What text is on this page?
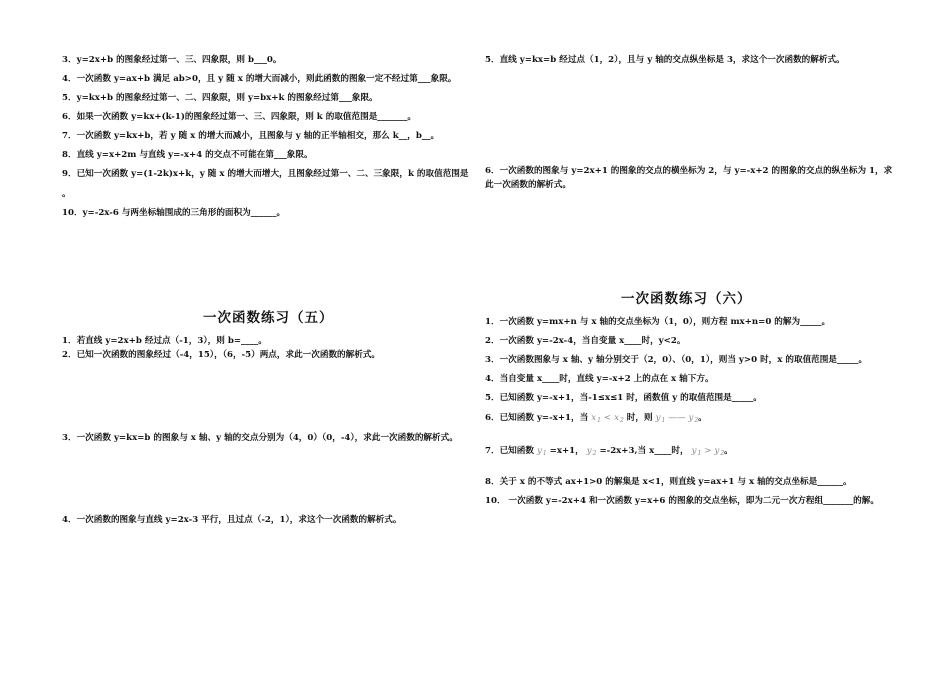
3．y=2x+b 的图象经过第一、三、四象限，则 b___0。
4．一次函数 y=ax+b 满足 ab>0，且 y 随 x 的增大而减小，则此函数的图象一定不经过第___象限。
5．y=kx+b 的图象经过第一、二、四象限，则 y=bx+k 的图象经过第___象限。
6．如果一次函数 y=kx+(k-1)的图象经过第一、三、四象限，则 k 的取值范围是_______。
7．一次函数 y=kx+b，若 y 随 x 的增大而减小，且图象与 y 轴的正半轴相交，那么 k__，b__。
8．直线 y=x+2m 与直线 y=-x+4 的交点不可能在第___象限。
9．已知一次函数 y=(1-2k)x+k，y 随 x 的增大而增大，且图象经过第一、二、三象限，k 的取值范围是
。
10．y=-2x-6 与两坐标轴围成的三角形的面积为______。
一次函数练习（五）
1．若直线 y=2x+b 经过点（-1，3），则 b=____。
2．已知一次函数的图象经过（-4，15），（6，-5）两点，求此一次函数的解析式。
3．一次函数 y=kx=b 的图象与 x 轴、y 轴的交点分别为（4，0）（0，-4），求此一次函数的解析式。
4．一次函数的图象与直线 y=2x-3 平行，且过点（-2，1），求这个一次函数的解析式。
5．直线 y=kx=b 经过点（1，2），且与 y 轴的交点纵坐标是 3，求这个一次函数的解析式。
6．一次函数的图象与 y=2x+1 的图象的交点的横坐标为 2，与 y=-x+2 的图象的交点的纵坐标为 1，求
此一次函数的解析式。
一次函数练习（六）
1．一次函数 y=mx+n 与 x 轴的交点坐标为（1，0），则方程 mx+n=0 的解为_____。
2．一次函数 y=-2x-4，当自变量 x____时，y<2。
3．一次函数图象与 x 轴、y 轴分别交于（2，0）、（0，1），则当 y>0 时，x 的取值范围是_____。
4．当自变量 x____时，直线 y=-x+2 上的点在 x 轴下方。
5．已知函数 y=-x+1，当-1≤x≤1 时，函数值 y 的取值范围是_____。
6．已知函数 y=-x+1，当 $x_1 < x_2$ 时，则 $y_1$ —— $y_2$。
7．已知函数 $y_1 =x+1$， $y_2 =-2x+3$,当 x____时， $y_1 > y_2$。
8．关于 x 的不等式 ax+1>0 的解集是 x<1，则直线 y=ax+1 与 x 轴的交点坐标是______。
10． 一次函数 y=-2x+4 和一次函数 y=x+6 的图象的交点坐标，即为二元一次方程组_______的解。
